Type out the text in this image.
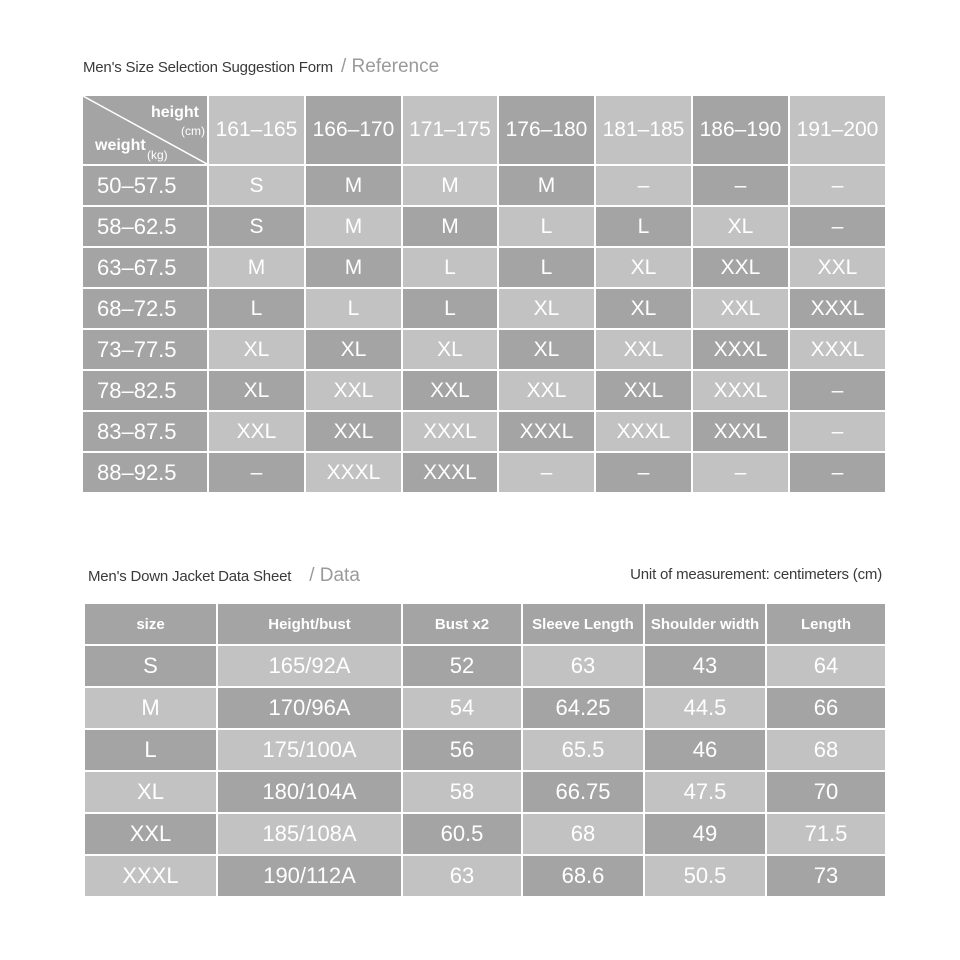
Men's Size Selection Suggestion Form / Reference
height
(cm)
weight
(kg)	161–165	166–170	171–175	176–180	181–185	186–190	191–200
50–57.5	S	M	M	M	–	–	–
58–62.5	S	M	M	L	L	XL	–
63–67.5	M	M	L	L	XL	XXL	XXL
68–72.5	L	L	L	XL	XL	XXL	XXXL
73–77.5	XL	XL	XL	XL	XXL	XXXL	XXXL
78–82.5	XL	XXL	XXL	XXL	XXL	XXXL	–
83–87.5	XXL	XXL	XXXL	XXXL	XXXL	XXXL	–
88–92.5	–	XXXL	XXXL	–	–	–	–
Men's Down Jacket Data Sheet / Data	Unit of measurement: centimeters (cm)
size	Height/bust	Bust x2	Sleeve Length	Shoulder width	Length
S	165/92A	52	63	43	64
M	170/96A	54	64.25	44.5	66
L	175/100A	56	65.5	46	68
XL	180/104A	58	66.75	47.5	70
XXL	185/108A	60.5	68	49	71.5
XXXL	190/112A	63	68.6	50.5	73
